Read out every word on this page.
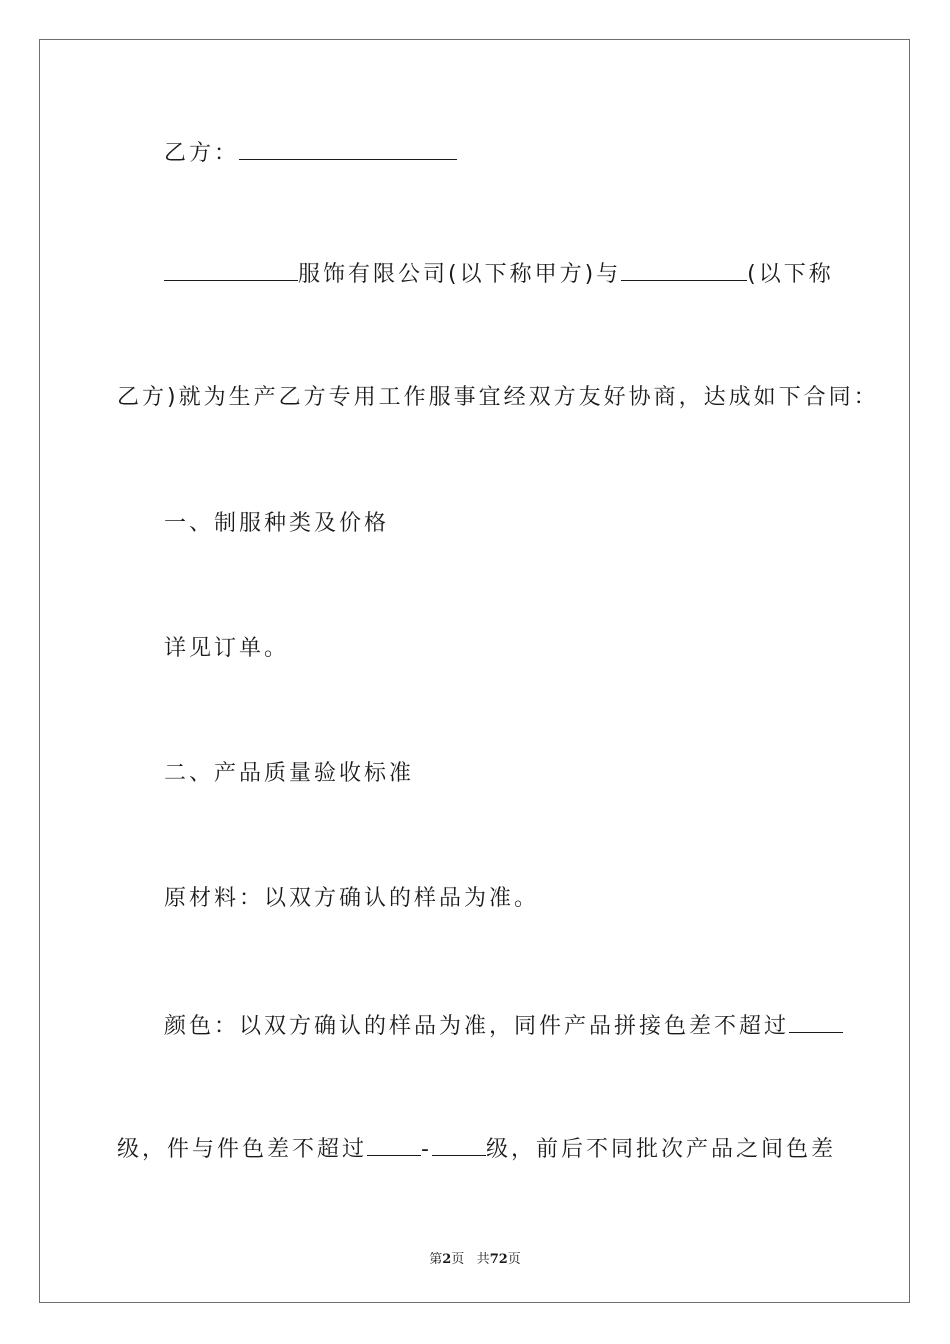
乙方：
服饰有限公司(以下称甲方)与	(以下称
乙方)就为生产乙方专用工作服事宜经双方友好协商，达成如下合同：
一、制服种类及价格
详见订单。
二、产品质量验收标准
原材料：以双方确认的样品为准。
颜色：以双方确认的样品为准，同件产品拼接色差不超过
级，件与件色差不超过 - 级，前后不同批次产品之间色差
第2页 共72页
